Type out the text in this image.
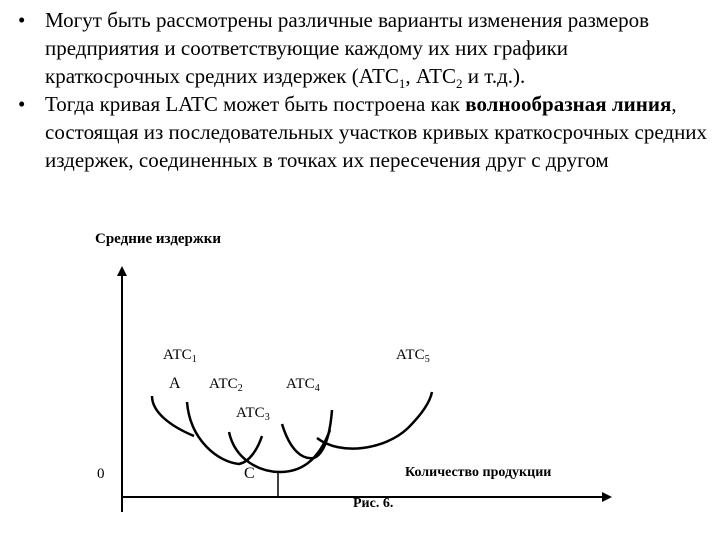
• Могут быть рассмотрены различные варианты изменения размеров предприятия и соответствующие каждому их них графики краткосрочных средних издержек ($АТС_1$, $АТС_2$ и т.д.).
• Тогда кривая LATC может быть построена как волнообразная линия, состоящая из последовательных участков кривых краткосрочных средних издержек, соединенных в точках их пересечения друг с другом
Средние издержки
Количество продукции
0
Рис. 6.
$АТС_1$	$АТС_5$
$АТС_2$	$АТС_4$
$АТС_3$
А
С
